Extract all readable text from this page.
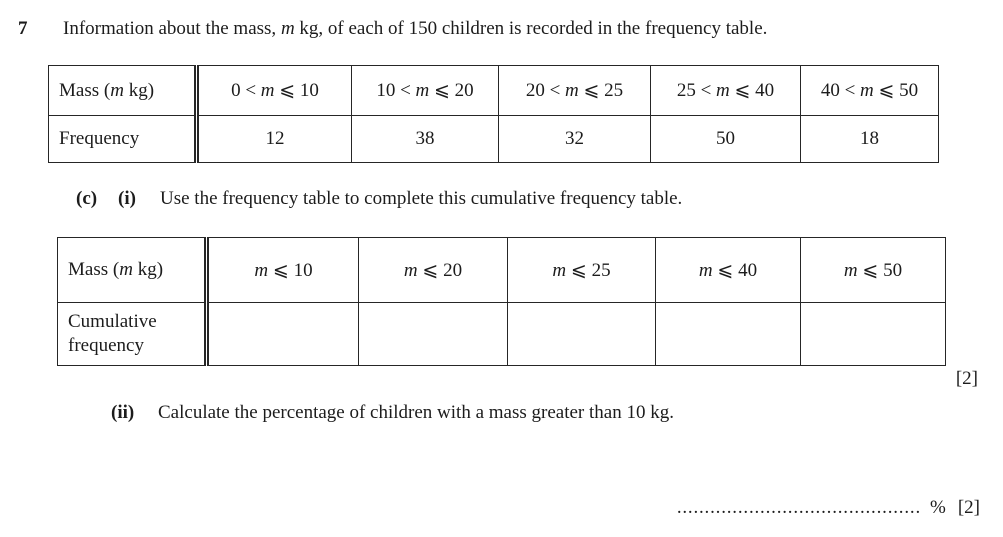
7 Information about the mass, m kg, of each of 150 children is recorded in the frequency table.
Mass (m kg)	0 < m ⩽ 10	10 < m ⩽ 20	20 < m ⩽ 25	25 < m ⩽ 40	40 < m ⩽ 50
Frequency	12	38	32	50	18
(c) (i) Use the frequency table to complete this cumulative frequency table.
Mass (m kg)	m ⩽ 10	m ⩽ 20	m ⩽ 25	m ⩽ 40	m ⩽ 50
Cumulative frequency					
[2]
(ii) Calculate the percentage of children with a mass greater than 10 kg.
............................................ % [2]
